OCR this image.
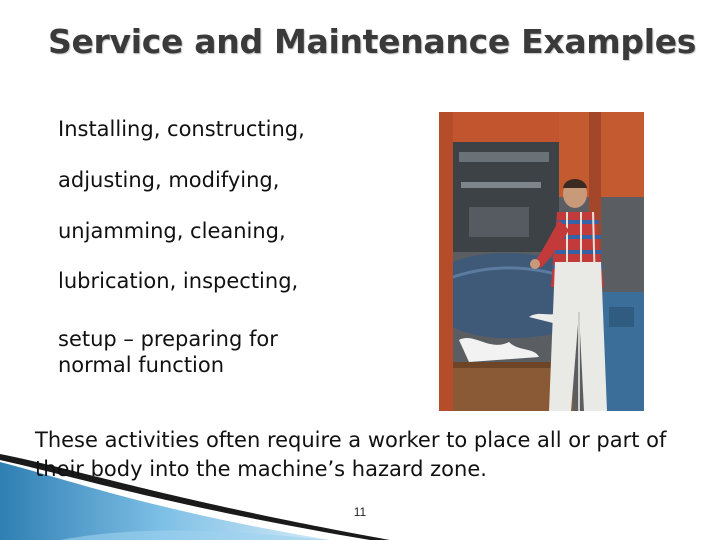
Service and Maintenance Examples
Installing, constructing,
adjusting, modifying,
unjamming, cleaning,
lubrication, inspecting,
setup – preparing for normal function
These activities often require a worker to place all or part of their body into the machine’s hazard zone.
11
